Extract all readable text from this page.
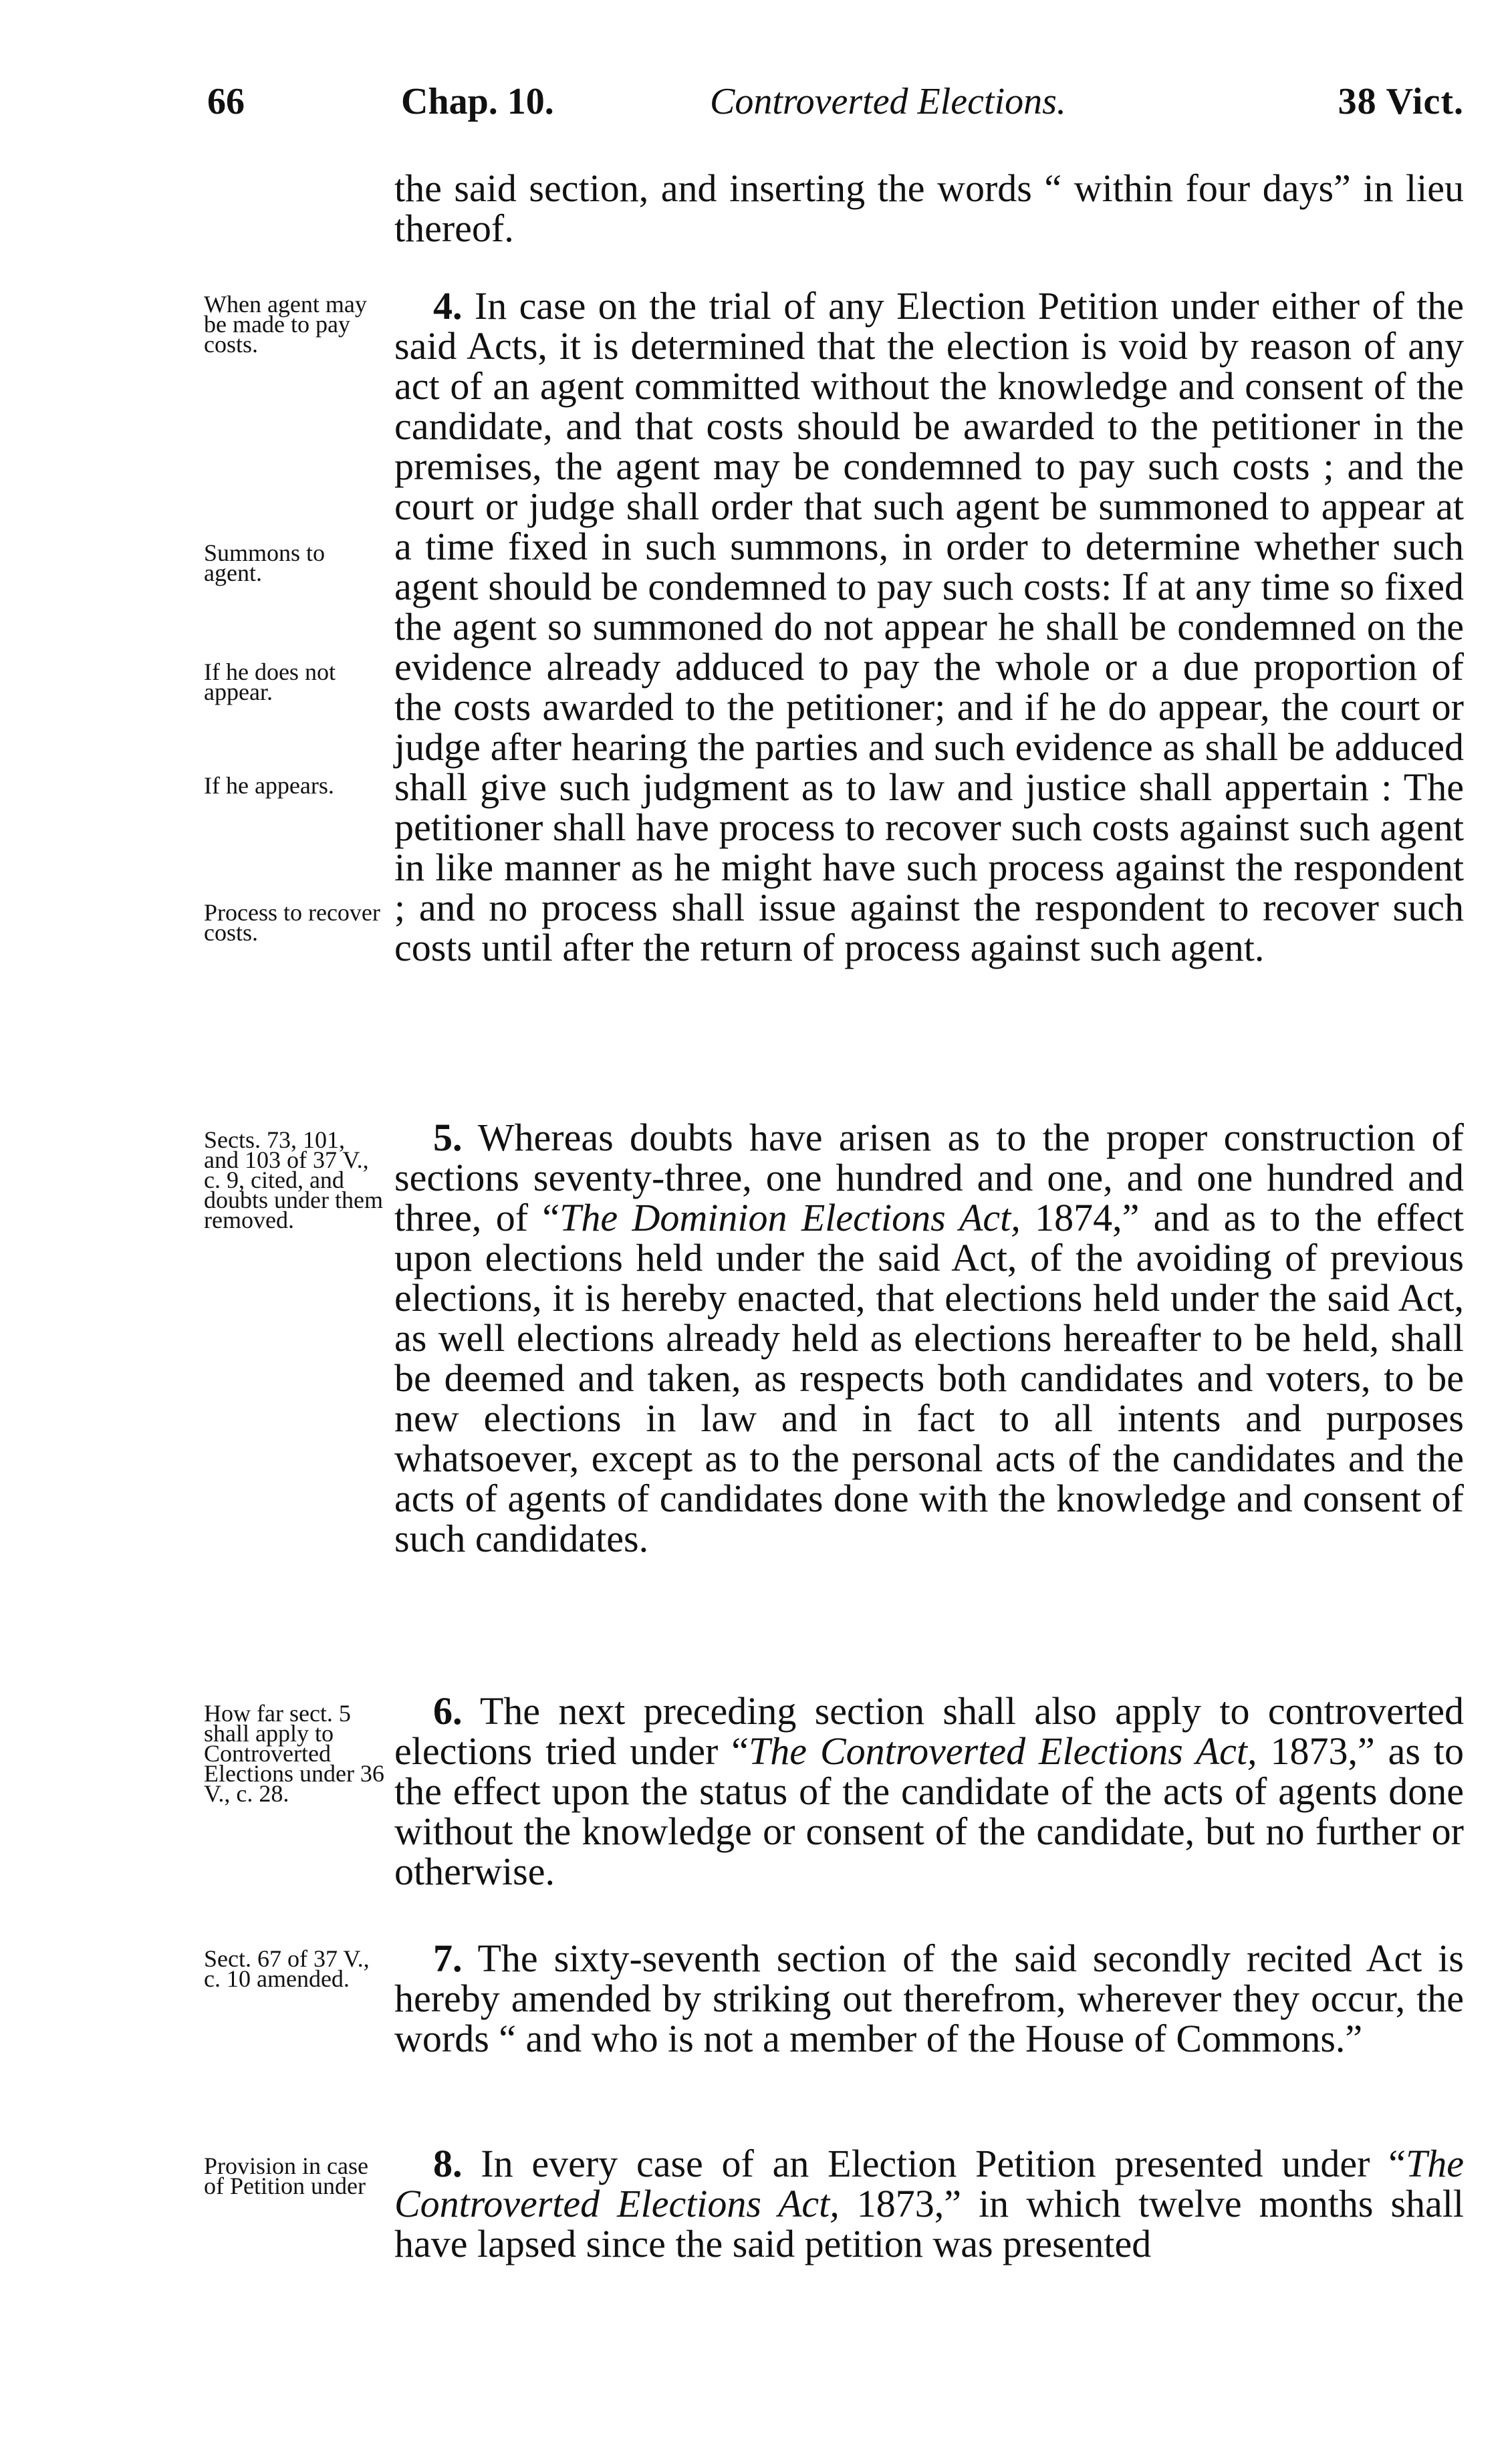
66	Chap. 10.	Controverted Elections.	38 Vict.

the said section, and inserting the words “ within four days” in lieu thereof.

 4. In case on the trial of any Election Petition under either of the said Acts, it is determined that the election is void by reason of any act of an agent committed without the knowledge and consent of the candidate, and that costs should be awarded to the petitioner in the premises, the agent may be condemned to pay such costs ; and the court or judge shall order that such agent be summoned to appear at a time fixed in such summons, in order to determine whether such agent should be condemned to pay such costs: If at any time so fixed the agent so summoned do not appear he shall be condemned on the evidence already adduced to pay the whole or a due proportion of the costs awarded to the petitioner; and if he do appear, the court or judge after hearing the parties and such evidence as shall be adduced shall give such judgment as to law and justice shall appertain : The petitioner shall have process to recover such costs against such agent in like manner as he might have such process against the respondent ; and no process shall issue against the respondent to recover such costs until after the return of process against such agent.

 5. Whereas doubts have arisen as to the proper construction of sections seventy-three, one hundred and one, and one hundred and three, of “The Dominion Elections Act, 1874,” and as to the effect upon elections held under the said Act, of the avoiding of previous elections, it is hereby enacted, that elections held under the said Act, as well elections already held as elections hereafter to be held, shall be deemed and taken, as respects both candidates and voters, to be new elections in law and in fact to all intents and purposes whatsoever, except as to the personal acts of the candidates and the acts of agents of candidates done with the knowledge and consent of such candidates.

 6. The next preceding section shall also apply to controverted elections tried under “The Controverted Elections Act, 1873,” as to the effect upon the status of the candidate of the acts of agents done without the knowledge or consent of the candidate, but no further or otherwise.

 7. The sixty-seventh section of the said secondly recited Act is hereby amended by striking out therefrom, wherever they occur, the words “ and who is not a member of the House of Commons.”

 8. In every case of an Election Petition presented under “The Controverted Elections Act, 1873,” in which twelve months shall have lapsed since the said petition was presented

When agent may be made to pay costs.
Summons to agent.
If he does not appear.
If he appears.
Process to recover costs.
Sects. 73, 101, and 103 of 37 V., c. 9, cited, and doubts under them removed.
How far sect. 5 shall apply to Controverted Elections under 36 V., c. 28.
Sect. 67 of 37 V., c. 10 amended.
Provision in case of Petition under
